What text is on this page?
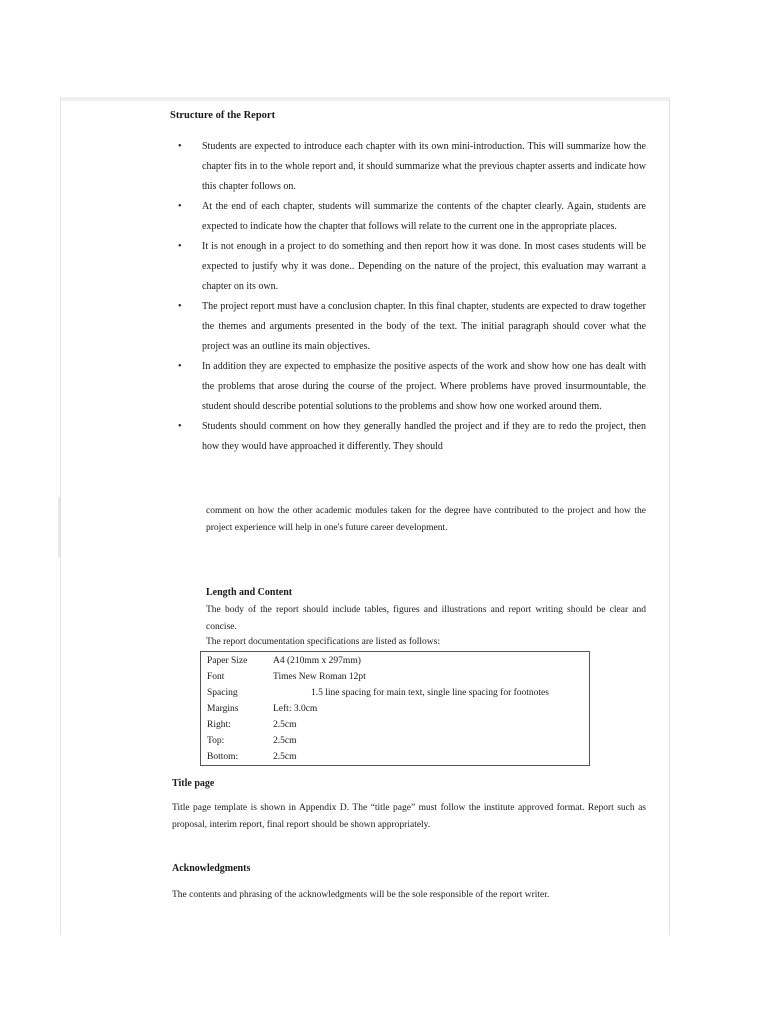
Structure of the Report
• Students are expected to introduce each chapter with its own mini-introduction. This will summarize how the chapter fits in to the whole report and, it should summarize what the previous chapter asserts and indicate how this chapter follows on.
• At the end of each chapter, students will summarize the contents of the chapter clearly. Again, students are expected to indicate how the chapter that follows will relate to the current one in the appropriate places.
• It is not enough in a project to do something and then report how it was done. In most cases students will be expected to justify why it was done.. Depending on the nature of the project, this evaluation may warrant a chapter on its own.
• The project report must have a conclusion chapter. In this final chapter, students are expected to draw together the themes and arguments presented in the body of the text. The initial paragraph should cover what the project was an outline its main objectives.
• In addition they are expected to emphasize the positive aspects of the work and show how one has dealt with the problems that arose during the course of the project. Where problems have proved insurmountable, the student should describe potential solutions to the problems and show how one worked around them.
• Students should comment on how they generally handled the project and if they are to redo the project, then how they would have approached it differently. They should

comment on how the other academic modules taken for the degree have contributed to the project and how the project experience will help in one's future career development.

Length and Content

The body of the report should include tables, figures and illustrations and report writing should be clear and concise.

The report documentation specifications are listed as follows:

Paper Size	A4 (210mm x 297mm)
Font	Times New Roman 12pt
Spacing	1.5 line spacing for main text, single line spacing for footnotes
Margins	Left: 3.0cm
Right:	2.5cm
Top:	2.5cm
Bottom:	2.5cm
Title page

Title page template is shown in Appendix D. The “title page” must follow the institute approved format. Report such as proposal, interim report, final report should be shown appropriately.

Acknowledgments

The contents and phrasing of the acknowledgments will be the sole responsible of the report writer.
